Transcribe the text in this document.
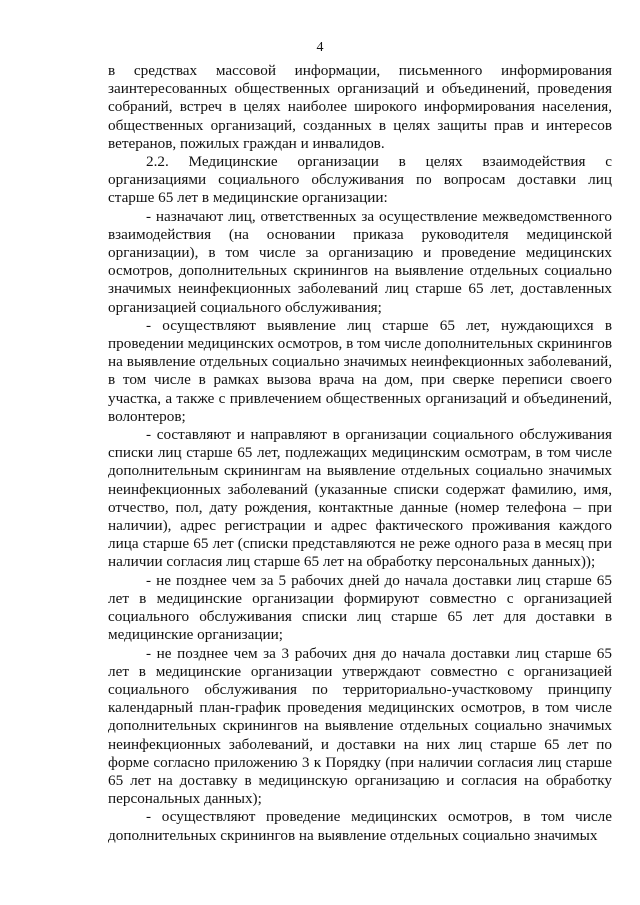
4

в средствах массовой информации, письменного информирования заинтересованных общественных организаций и объединений, проведения собраний, встреч в целях наиболее широкого информирования населения, общественных организаций, созданных в целях защиты прав и интересов ветеранов, пожилых граждан и инвалидов.

2.2. Медицинские организации в целях взаимодействия с организациями социального обслуживания по вопросам доставки лиц старше 65 лет в медицинские организации:

- назначают лиц, ответственных за осуществление межведомственного взаимодействия (на основании приказа руководителя медицинской организации), в том числе за организацию и проведение медицинских осмотров, дополнительных скринингов на выявление отдельных социально значимых неинфекционных заболеваний лиц старше 65 лет, доставленных организацией социального обслуживания;

- осуществляют выявление лиц старше 65 лет, нуждающихся в проведении медицинских осмотров, в том числе дополнительных скринингов на выявление отдельных социально значимых неинфекционных заболеваний, в том числе в рамках вызова врача на дом, при сверке переписи своего участка, а также с привлечением общественных организаций и объединений, волонтеров;

- составляют и направляют в организации социального обслуживания списки лиц старше 65 лет, подлежащих медицинским осмотрам, в том числе дополнительным скринингам на выявление отдельных социально значимых неинфекционных заболеваний (указанные списки содержат фамилию, имя, отчество, пол, дату рождения, контактные данные (номер телефона – при наличии), адрес регистрации и адрес фактического проживания каждого лица старше 65 лет (списки представляются не реже одного раза в месяц при наличии согласия лиц старше 65 лет на обработку персональных данных));

- не позднее чем за 5 рабочих дней до начала доставки лиц старше 65 лет в медицинские организации формируют совместно с организацией социального обслуживания списки лиц старше 65 лет для доставки в медицинские организации;

- не позднее чем за 3 рабочих дня до начала доставки лиц старше 65 лет в медицинские организации утверждают совместно с организацией социального обслуживания по территориально-участковому принципу календарный план-график проведения медицинских осмотров, в том числе дополнительных скринингов на выявление отдельных социально значимых неинфекционных заболеваний, и доставки на них лиц старше 65 лет по форме согласно приложению 3 к Порядку (при наличии согласия лиц старше 65 лет на доставку в медицинскую организацию и согласия на обработку персональных данных);

- осуществляют проведение медицинских осмотров, в том числе дополнительных скринингов на выявление отдельных социально значимых
